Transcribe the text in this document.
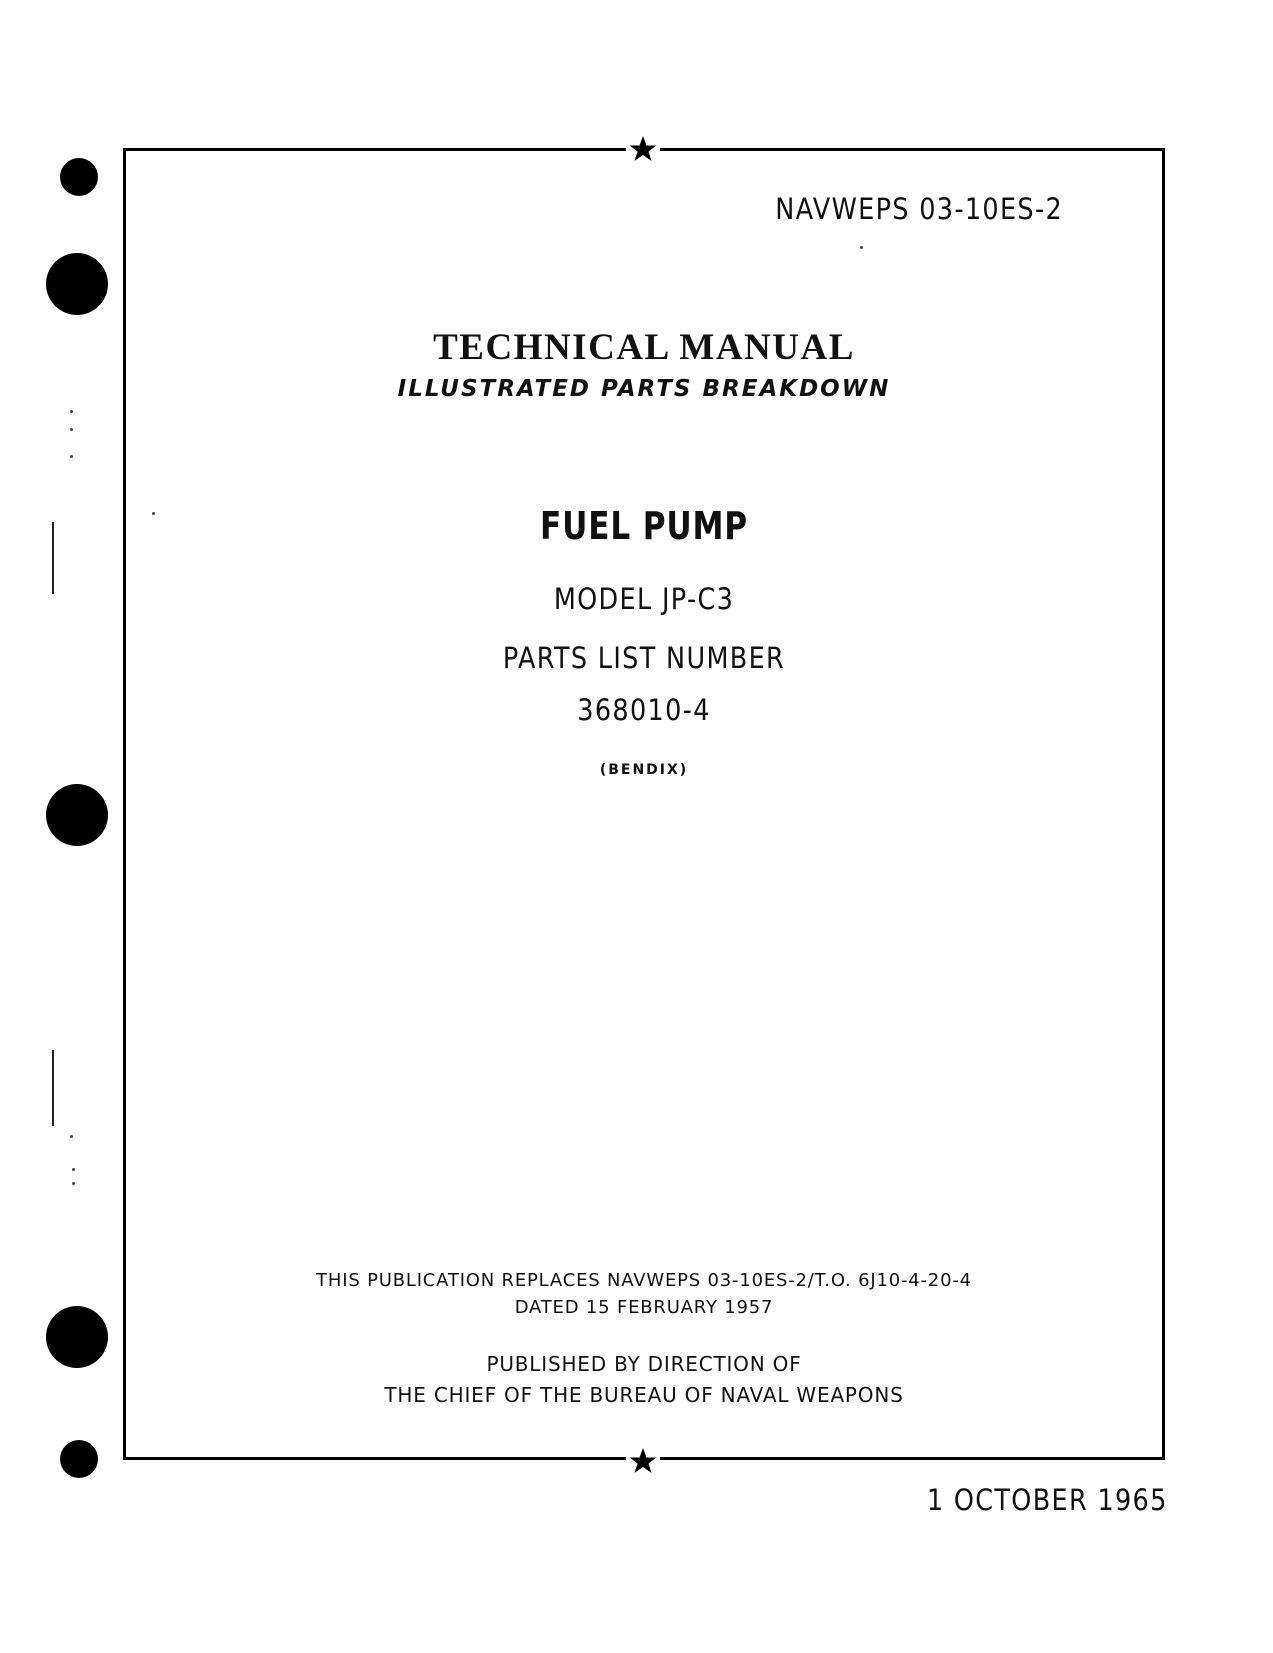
NAVWEPS 03-10ES-2
TECHNICAL MANUAL
ILLUSTRATED PARTS BREAKDOWN
FUEL PUMP
MODEL JP-C3
PARTS LIST NUMBER
368010-4
(BENDIX)
THIS PUBLICATION REPLACES NAVWEPS 03-10ES-2/T.O. 6J10-4-20-4
DATED 15 FEBRUARY 1957
PUBLISHED BY DIRECTION OF
THE CHIEF OF THE BUREAU OF NAVAL WEAPONS
1 OCTOBER 1965
